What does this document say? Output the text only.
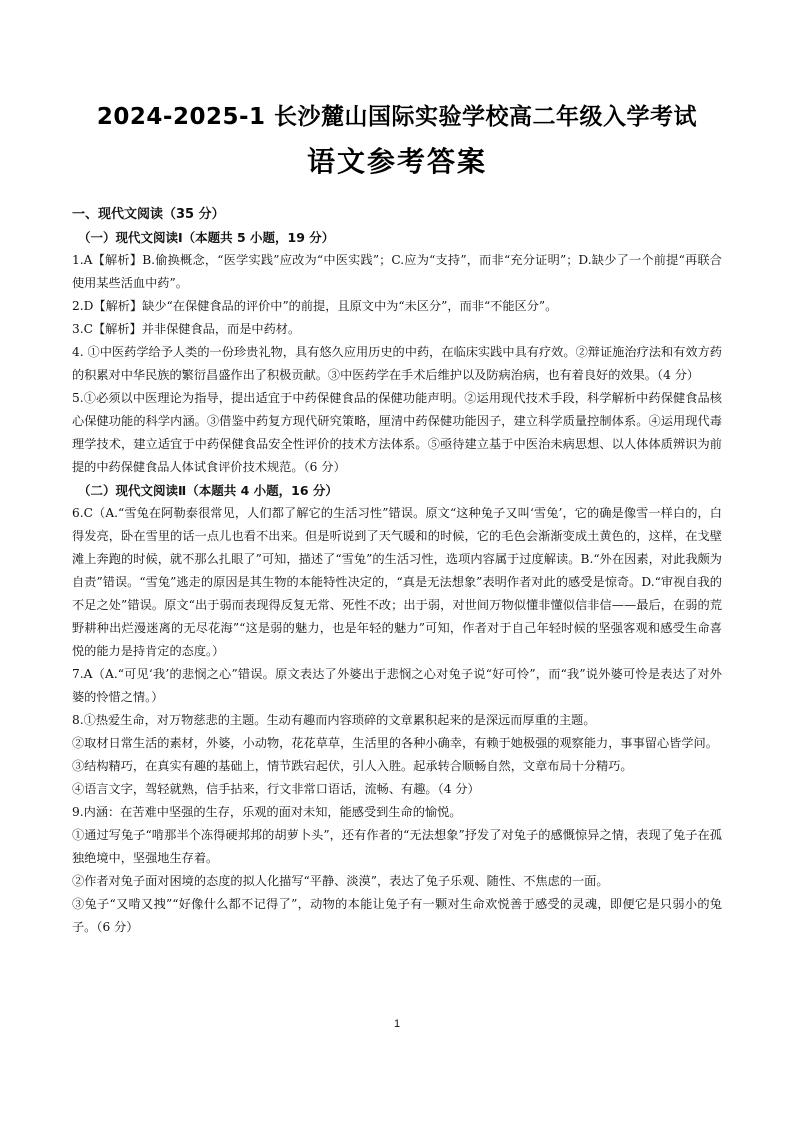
2024-2025-1 长沙麓山国际实验学校高二年级入学考试
语文参考答案

一、现代文阅读（35 分）

（一）现代文阅读Ⅰ（本题共 5 小题，19 分）

1.A【解析】B.偷换概念，“医学实践”应改为“中医实践”；C.应为“支持”，而非“充分证明”；D.缺少了一个前提“再联合使用某些活血中药”。

2.D【解析】缺少“在保健食品的评价中”的前提，且原文中为“未区分”，而非“不能区分”。

3.C【解析】并非保健食品，而是中药材。

4. ①中医药学给予人类的一份珍贵礼物，具有悠久应用历史的中药，在临床实践中具有疗效。②辩证施治疗法和有效方药的积累对中华民族的繁衍昌盛作出了积极贡献。③中医药学在手术后维护以及防病治病，也有着良好的效果。（4 分）

5.①必须以中医理论为指导，提出适宜于中药保健食品的保健功能声明。②运用现代技术手段，科学解析中药保健食品核心保健功能的科学内涵。③借鉴中药复方现代研究策略，厘清中药保健功能因子，建立科学质量控制体系。④运用现代毒理学技术，建立适宜于中药保健食品安全性评价的技术方法体系。⑤亟待建立基于中医治未病思想、以人体体质辨识为前提的中药保健食品人体试食评价技术规范。（6 分）

（二）现代文阅读Ⅱ（本题共 4 小题，16 分）

6.C（A.“雪兔在阿勒泰很常见，人们都了解它的生活习性”错误。原文“这种兔子又叫‘雪兔’，它的确是像雪一样白的，白得发亮，卧在雪里的话一点儿也看不出来。但是听说到了天气暖和的时候，它的毛色会渐渐变成土黄色的，这样，在戈壁滩上奔跑的时候，就不那么扎眼了”可知，描述了“雪兔”的生活习性，选项内容属于过度解读。B.“外在因素，对此我颇为自责”错误。“雪兔”逃走的原因是其生物的本能特性决定的，“真是无法想象”表明作者对此的感受是惊奇。D.“审视自我的不足之处”错误。原文“出于弱而表现得反复无常、死性不改；出于弱，对世间万物似懂非懂似信非信——最后，在弱的荒野耕种出烂漫迷离的无尽花海”“这是弱的魅力，也是年轻的魅力”可知，作者对于自己年轻时候的坚强客观和感受生命喜悦的能力是持肯定的态度。）

7.A（A.“可见‘我’的悲悯之心”错误。原文表达了外婆出于悲悯之心对兔子说“好可怜”，而“我”说外婆可怜是表达了对外婆的怜惜之情。）

8.①热爱生命，对万物慈悲的主题。生动有趣而内容琐碎的文章累积起来的是深远而厚重的主题。

②取材日常生活的素材，外婆，小动物，花花草草，生活里的各种小确幸，有赖于她极强的观察能力，事事留心皆学问。

③结构精巧，在真实有趣的基础上，情节跌宕起伏，引人入胜。起承转合顺畅自然，文章布局十分精巧。

④语言文字，驾轻就熟，信手拈来，行文非常口语话，流畅、有趣。（4 分）

9.内涵：在苦难中坚强的生存，乐观的面对未知，能感受到生命的愉悦。

①通过写兔子“啃那半个冻得硬邦邦的胡萝卜头”，还有作者的“无法想象”抒发了对兔子的感慨惊异之情，表现了兔子在孤独绝境中，坚强地生存着。

②作者对兔子面对困境的态度的拟人化描写“平静、淡漠”，表达了兔子乐观、随性、不焦虑的一面。

③兔子“又啃又拽”“好像什么都不记得了”，动物的本能让兔子有一颗对生命欢悦善于感受的灵魂，即便它是只弱小的兔子。（6 分）

1
